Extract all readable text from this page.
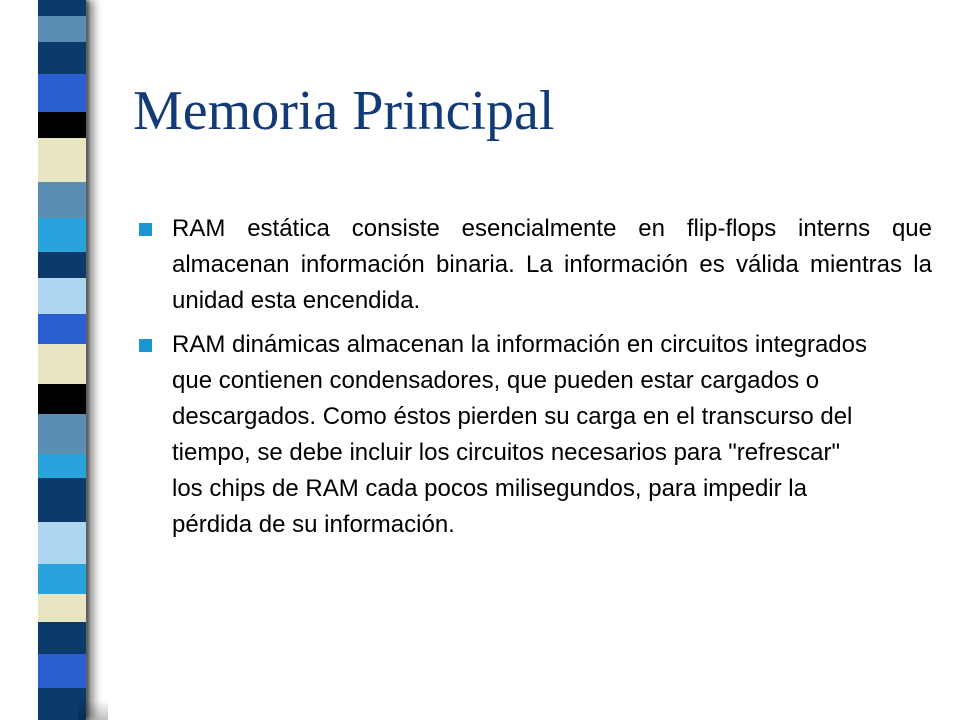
Memoria Principal
RAM estática consiste esencialmente en flip-flops interns que almacenan información binaria. La información es válida mientras la unidad esta encendida.
RAM dinámicas almacenan la información en circuitos integrados que contienen condensadores, que pueden estar cargados o descargados. Como éstos pierden su carga en el transcurso del tiempo, se debe incluir los circuitos necesarios para "refrescar" los chips de RAM cada pocos milisegundos, para impedir la pérdida de su información.
